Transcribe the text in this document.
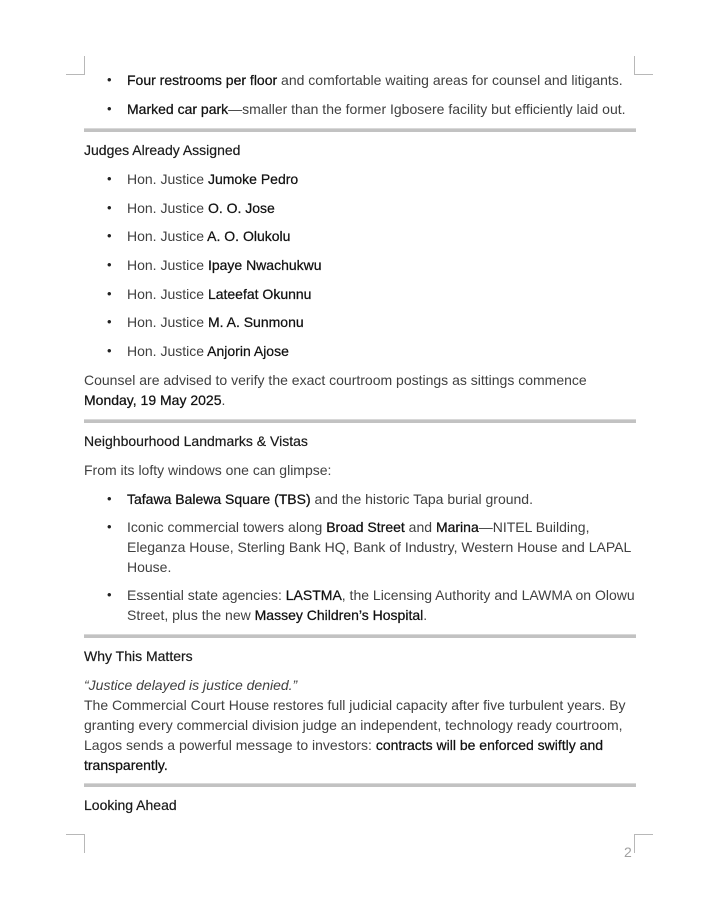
• Four restrooms per floor and comfortable waiting areas for counsel and litigants.
• Marked car park—smaller than the former Igbosere facility but efficiently laid out.
Judges Already Assigned
• Hon. Justice Jumoke Pedro
• Hon. Justice O. O. Jose
• Hon. Justice A. O. Olukolu
• Hon. Justice Ipaye Nwachukwu
• Hon. Justice Lateefat Okunnu
• Hon. Justice M. A. Sunmonu
• Hon. Justice Anjorin Ajose

Counsel are advised to verify the exact courtroom postings as sittings commence Monday, 19 May 2025.

Neighbourhood Landmarks & Vistas

From its lofty windows one can glimpse:

• Tafawa Balewa Square (TBS) and the historic Tapa burial ground.
• Iconic commercial towers along Broad Street and Marina—NITEL Building, Eleganza House, Sterling Bank HQ, Bank of Industry, Western House and LAPAL House.
• Essential state agencies: LASTMA, the Licensing Authority and LAWMA on Olowu Street, plus the new Massey Children’s Hospital.
Why This Matters

“Justice delayed is justice denied.”

The Commercial Court House restores full judicial capacity after five turbulent years. By granting every commercial division judge an independent, technology ready courtroom, Lagos sends a powerful message to investors: contracts will be enforced swiftly and transparently.

Looking Ahead
2
